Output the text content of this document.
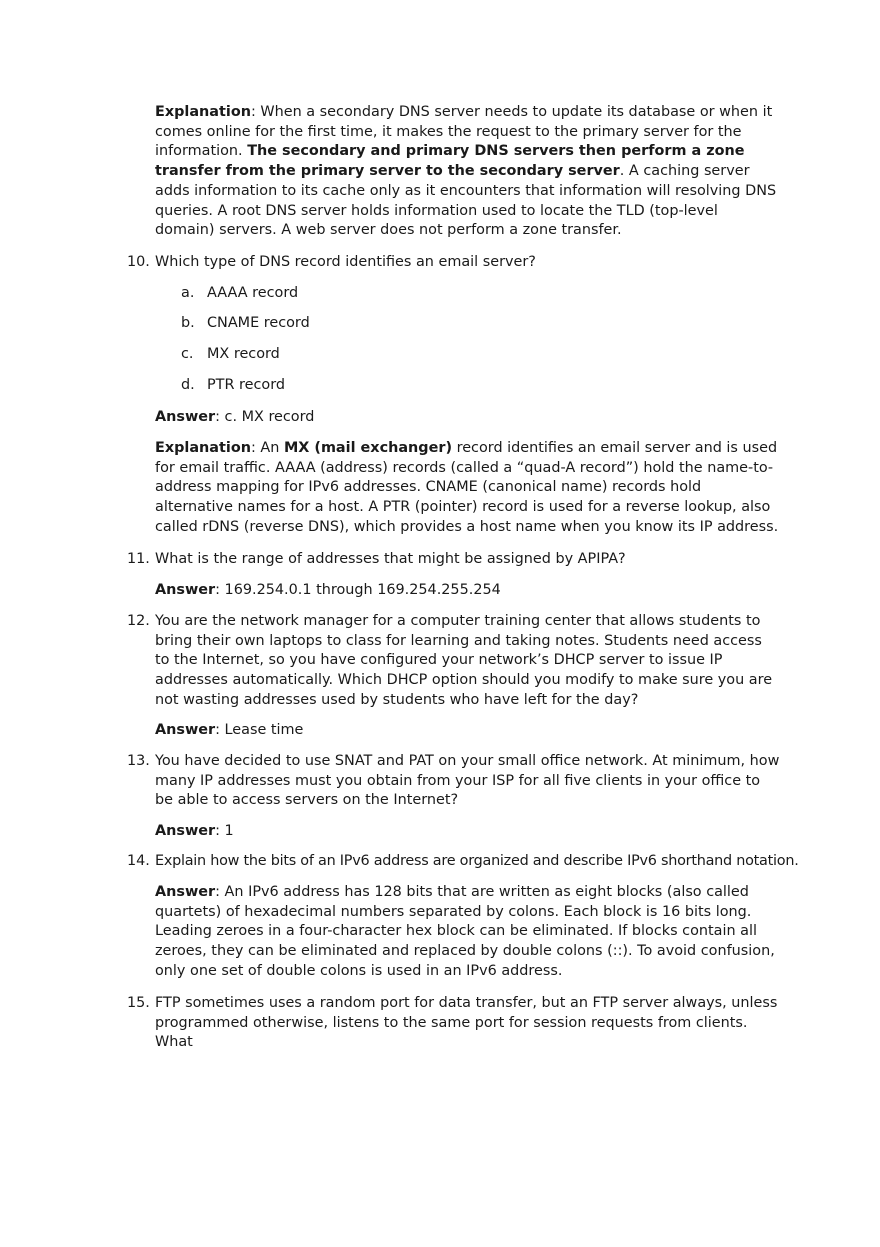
Explanation: When a secondary DNS server needs to update its database or when it comes online for the first time, it makes the request to the primary server for the information. The secondary and primary DNS servers then perform a zone transfer from the primary server to the secondary server. A caching server adds information to its cache only as it encounters that information will resolving DNS queries. A root DNS server holds information used to locate the TLD (top-level domain) servers. A web server does not perform a zone transfer.

10. Which type of DNS record identifies an email server?

a. AAAA record
b. CNAME record
c. MX record
d. PTR record

Answer: c. MX record

Explanation: An MX (mail exchanger) record identifies an email server and is used for email traffic. AAAA (address) records (called a “quad-A record”) hold the name-to-address mapping for IPv6 addresses. CNAME (canonical name) records hold alternative names for a host. A PTR (pointer) record is used for a reverse lookup, also called rDNS (reverse DNS), which provides a host name when you know its IP address.

11. What is the range of addresses that might be assigned by APIPA?

Answer: 169.254.0.1 through 169.254.255.254

12. You are the network manager for a computer training center that allows students to bring their own laptops to class for learning and taking notes. Students need access to the Internet, so you have configured your network’s DHCP server to issue IP addresses automatically. Which DHCP option should you modify to make sure you are not wasting addresses used by students who have left for the day?

Answer: Lease time

13. You have decided to use SNAT and PAT on your small office network. At minimum, how many IP addresses must you obtain from your ISP for all five clients in your office to be able to access servers on the Internet?

Answer: 1

14. Explain how the bits of an IPv6 address are organized and describe IPv6 shorthand notation.

Answer: An IPv6 address has 128 bits that are written as eight blocks (also called quartets) of hexadecimal numbers separated by colons. Each block is 16 bits long. Leading zeroes in a four-character hex block can be eliminated. If blocks contain all zeroes, they can be eliminated and replaced by double colons (::). To avoid confusion, only one set of double colons is used in an IPv6 address.

15. FTP sometimes uses a random port for data transfer, but an FTP server always, unless programmed otherwise, listens to the same port for session requests from clients. What
